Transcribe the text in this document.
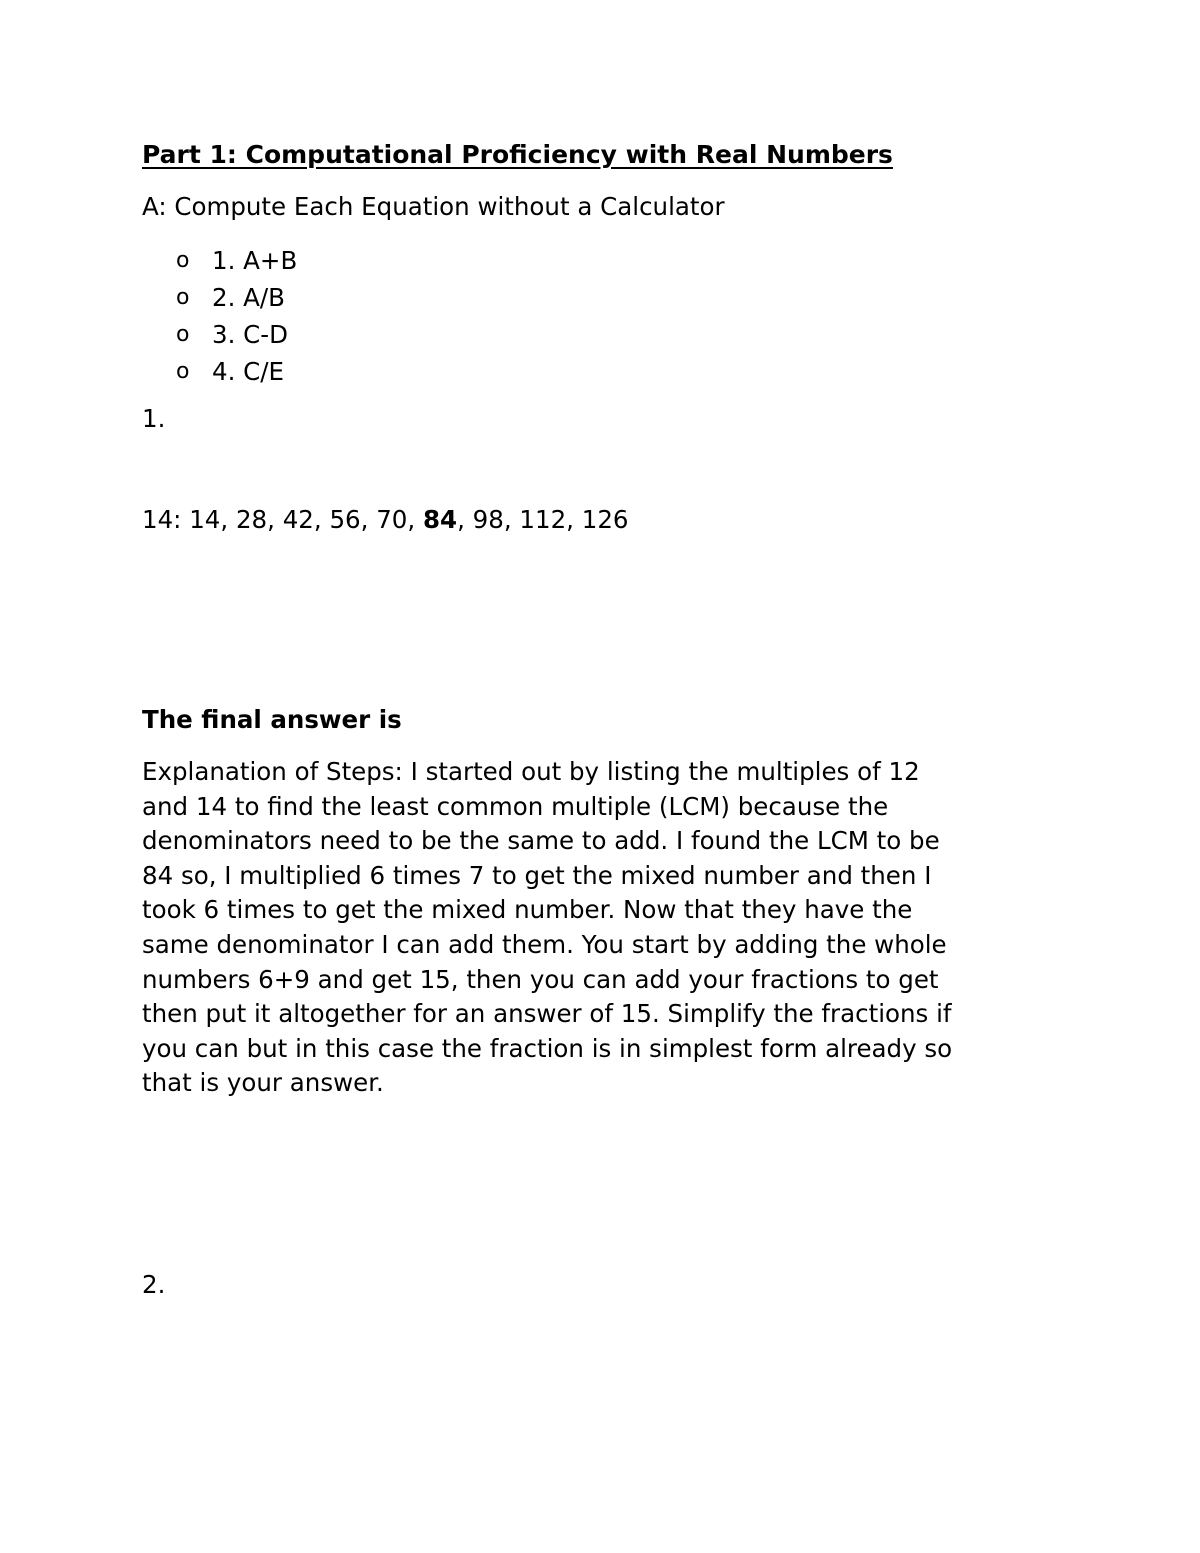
Part 1: Computational Proficiency with Real Numbers

A: Compute Each Equation without a Calculator

o 1. A+B
o 2. A/B
o 3. C-D
o 4. C/E

1.

14: 14, 28, 42, 56, 70, 84, 98, 112, 126

The final answer is

Explanation of Steps: I started out by listing the multiples of 12
and 14 to find the least common multiple (LCM) because the
denominators need to be the same to add. I found the LCM to be
84 so, I multiplied 6 times 7 to get the mixed number and then I
took 6 times to get the mixed number. Now that they have the
same denominator I can add them. You start by adding the whole
numbers 6+9 and get 15, then you can add your fractions to get
then put it altogether for an answer of 15. Simplify the fractions if
you can but in this case the fraction is in simplest form already so
that is your answer.

2.
